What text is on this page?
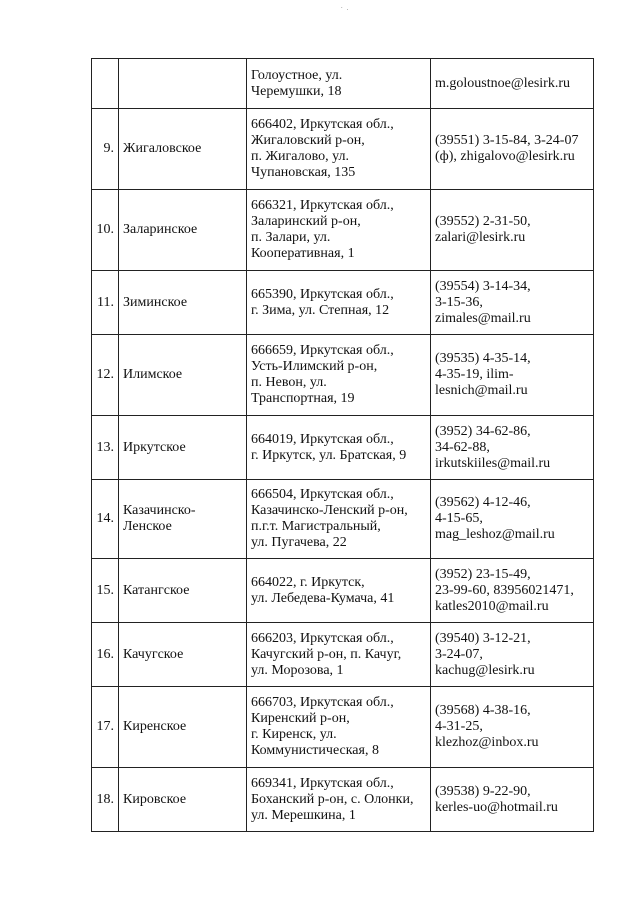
· .
		Голоустное, ул.
Черемушки, 18	m.goloustnoe@lesirk.ru
9.	Жигаловское	666402, Иркутская обл.,
Жигаловский р-он,
п. Жигалово, ул.
Чупановская, 135	(39551) 3-15-84, 3-24-07
(ф), zhigalovo@lesirk.ru
10.	Заларинское	666321, Иркутская обл.,
Заларинский р-он,
п. Залари, ул.
Кооперативная, 1	(39552) 2-31-50,
zalari@lesirk.ru
11.	Зиминское	665390, Иркутская обл.,
г. Зима, ул. Степная, 12	(39554) 3-14-34,
3-15-36,
zimales@mail.ru
12.	Илимское	666659, Иркутская обл.,
Усть-Илимский р-он,
п. Невон, ул.
Транспортная, 19	(39535) 4-35-14,
4-35-19, ilim-
lesnich@mail.ru
13.	Иркутское	664019, Иркутская обл.,
г. Иркутск, ул. Братская, 9	(3952) 34-62-86,
34-62-88,
irkutskiiles@mail.ru
14.	Казачинско-
Ленское	666504, Иркутская обл.,
Казачинско-Ленский р-он,
п.г.т. Магистральный,
ул. Пугачева, 22	(39562) 4-12-46,
4-15-65,
mag_leshoz@mail.ru
15.	Катангское	664022, г. Иркутск,
ул. Лебедева-Кумача, 41	(3952) 23-15-49,
23-99-60, 83956021471,
katles2010@mail.ru
16.	Качугское	666203, Иркутская обл.,
Качугский р-он, п. Качуг,
ул. Морозова, 1	(39540) 3-12-21,
3-24-07,
kachug@lesirk.ru
17.	Киренское	666703, Иркутская обл.,
Киренский р-он,
г. Киренск, ул.
Коммунистическая, 8	(39568) 4-38-16,
4-31-25,
klezhoz@inbox.ru
18.	Кировское	669341, Иркутская обл.,
Боханский р-он, с. Олонки,
ул. Мерешкина, 1	(39538) 9-22-90,
kerles-uo@hotmail.ru
